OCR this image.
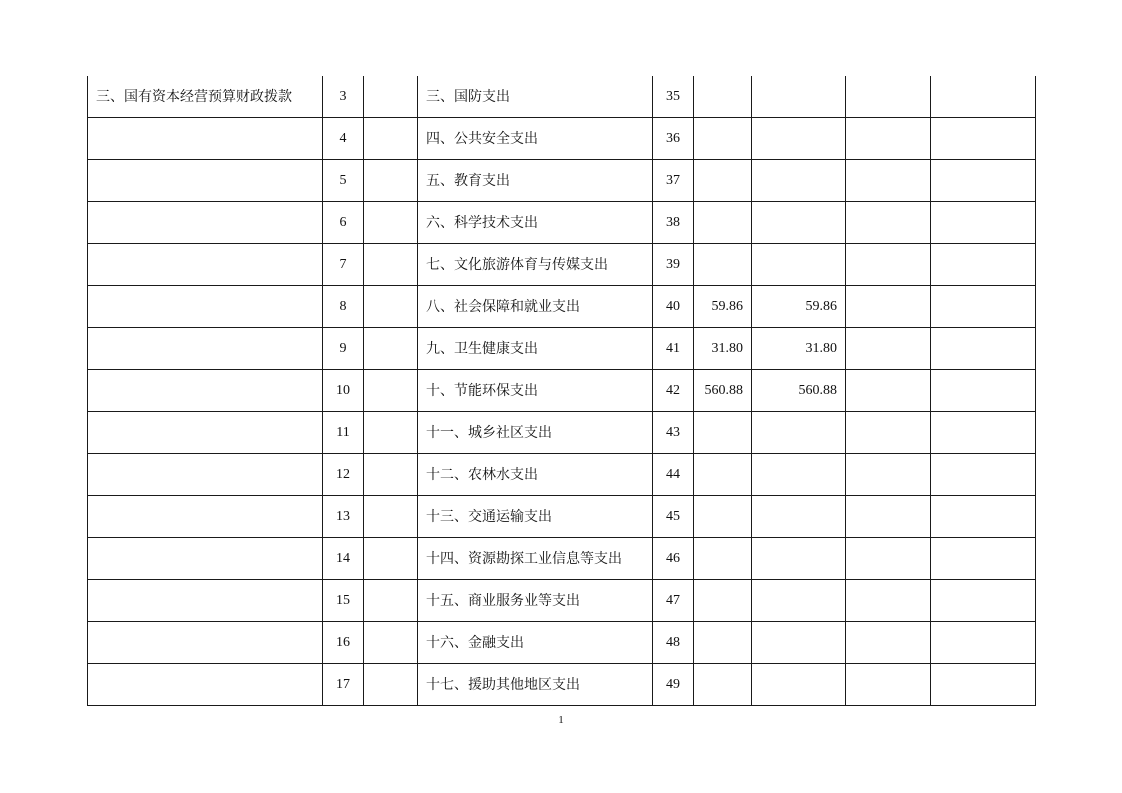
三、国有资本经营预算财政拨款	3		三、国防支出	35				
	4		四、公共安全支出	36				
	5		五、教育支出	37				
	6		六、科学技术支出	38				
	7		七、文化旅游体育与传媒支出	39				
	8		八、社会保障和就业支出	40	59.86	59.86		
	9		九、卫生健康支出	41	31.80	31.80		
	10		十、节能环保支出	42	560.88	560.88		
	11		十一、城乡社区支出	43				
	12		十二、农林水支出	44				
	13		十三、交通运输支出	45				
	14		十四、资源勘探工业信息等支出	46				
	15		十五、商业服务业等支出	47				
	16		十六、金融支出	48				
	17		十七、援助其他地区支出	49				
1
